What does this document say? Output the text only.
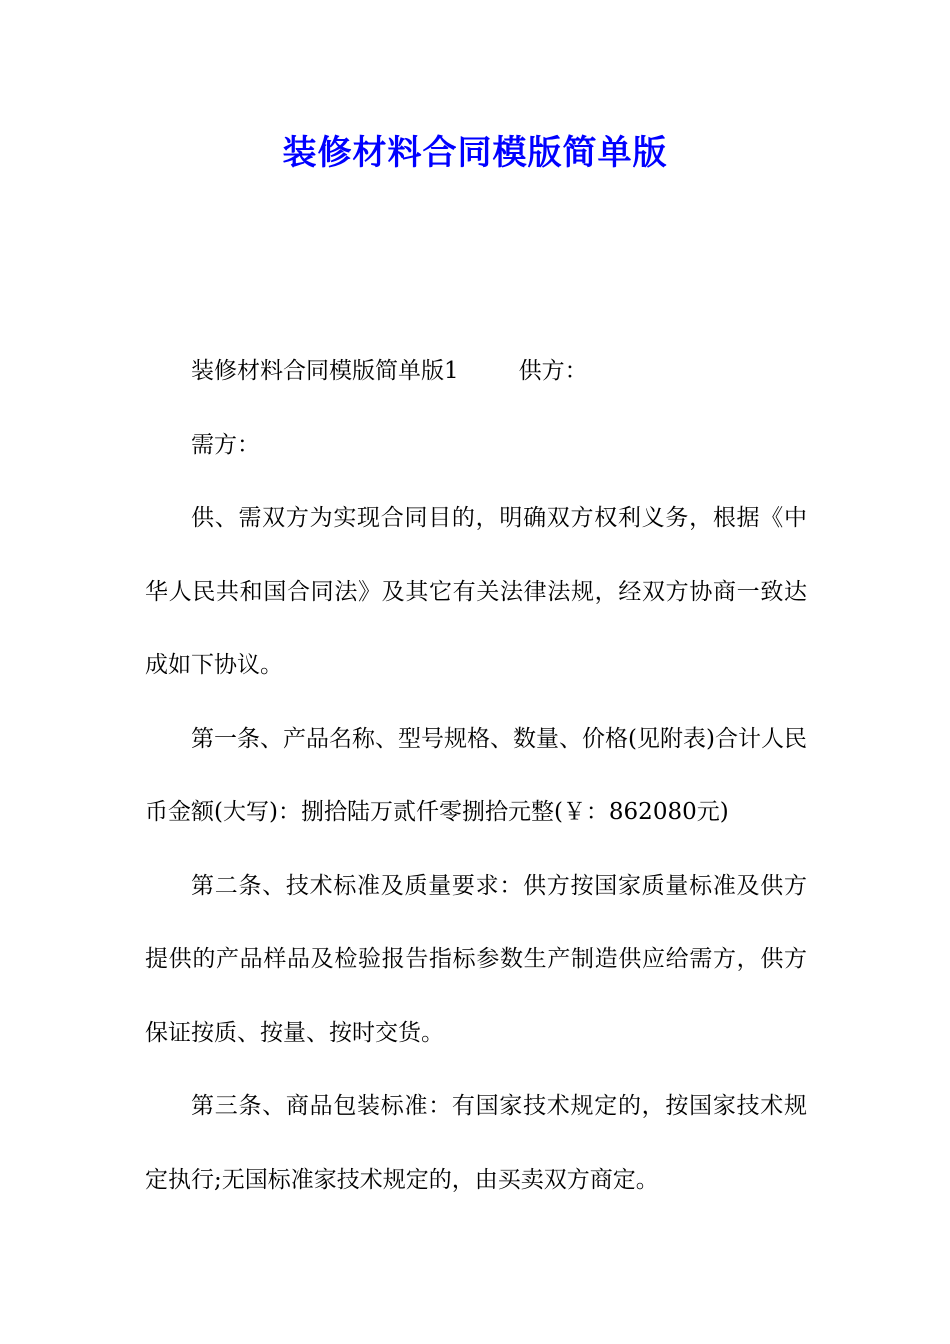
装修材料合同模版简单版

装修材料合同模版简单版1	供方：

需方：

供、需双方为实现合同目的，明确双方权利义务，根据《中华人民共和国合同法》及其它有关法律法规，经双方协商一致达成如下协议。

第一条、产品名称、型号规格、数量、价格(见附表)合计人民币金额(大写)：捌拾陆万贰仟零捌拾元整(￥：862080元)

第二条、技术标准及质量要求：供方按国家质量标准及供方提供的产品样品及检验报告指标参数生产制造供应给需方，供方保证按质、按量、按时交货。

第三条、商品包装标准：有国家技术规定的，按国家技术规定执行;无国标准家技术规定的，由买卖双方商定。
